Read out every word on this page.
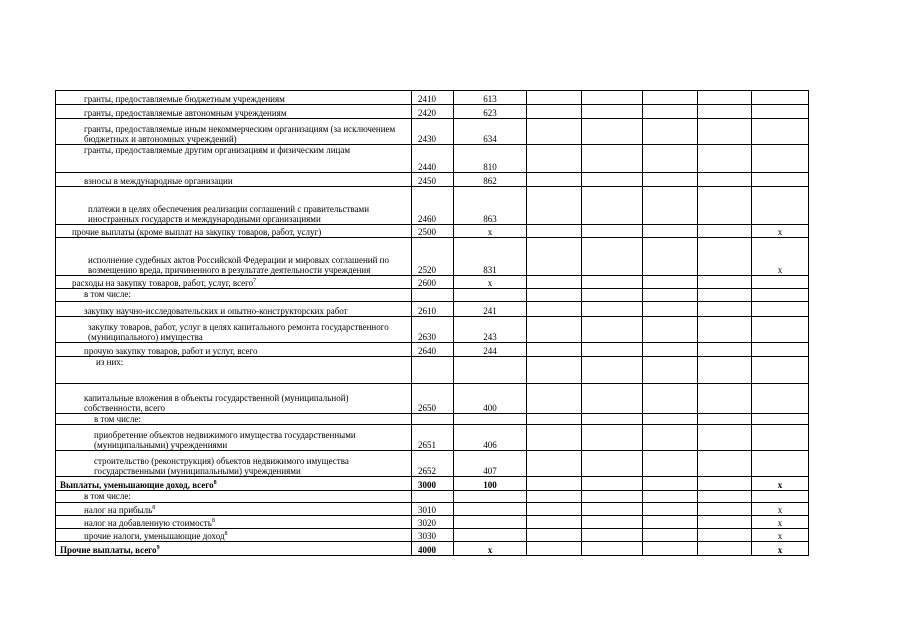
гранты, предоставляемые бюджетным учреждениям	2410	613					

гранты, предоставляемые автономным учреждениям	2420	623					

гранты, предоставляемые иным некоммерческим организациям (за исключением бюджетных и автономных учреждений)	2430	634					

гранты, предоставляемые другим организациям и физическим лицам	2440	810					

взносы в международные организации	2450	862					

платежи в целях обеспечения реализации соглашений с правительствами иностранных государств и международными организациями	2460	863					

прочие выплаты (кроме выплат на закупку товаров, работ, услуг)	2500	x					x

исполнение судебных актов Российской Федерации и мировых соглашений по возмещению вреда, причиненного в результате деятельности учреждения	2520	831					x

расходы на закупку товаров, работ, услуг, всего$^7$	2600	x					

в том числе:							

закупку научно-исследовательских и опытно-конструкторских работ	2610	241					

закупку товаров, работ, услуг в целях капитального ремонта государственного (муниципального) имущества	2630	243					

прочую закупку товаров, работ и услуг, всего	2640	244					

из них:							

капитальные вложения в объекты государственной (муниципальной) собственности, всего	2650	400					

в том числе:							

приобретение объектов недвижимого имущества государственными (муниципальными) учреждениями	2651	406					

строительство (реконструкция) объектов недвижимого имущества государственными (муниципальными) учреждениями	2652	407					

Выплаты, уменьшающие доход, всего$^8$	3000	100					x

в том числе:							

налог на прибыль$^8$	3010						x

налог на добавленную стоимость$^8$	3020						x

прочие налоги, уменьшающие доход$^8$	3030						x

Прочие выплаты, всего$^9$	4000	x					x
